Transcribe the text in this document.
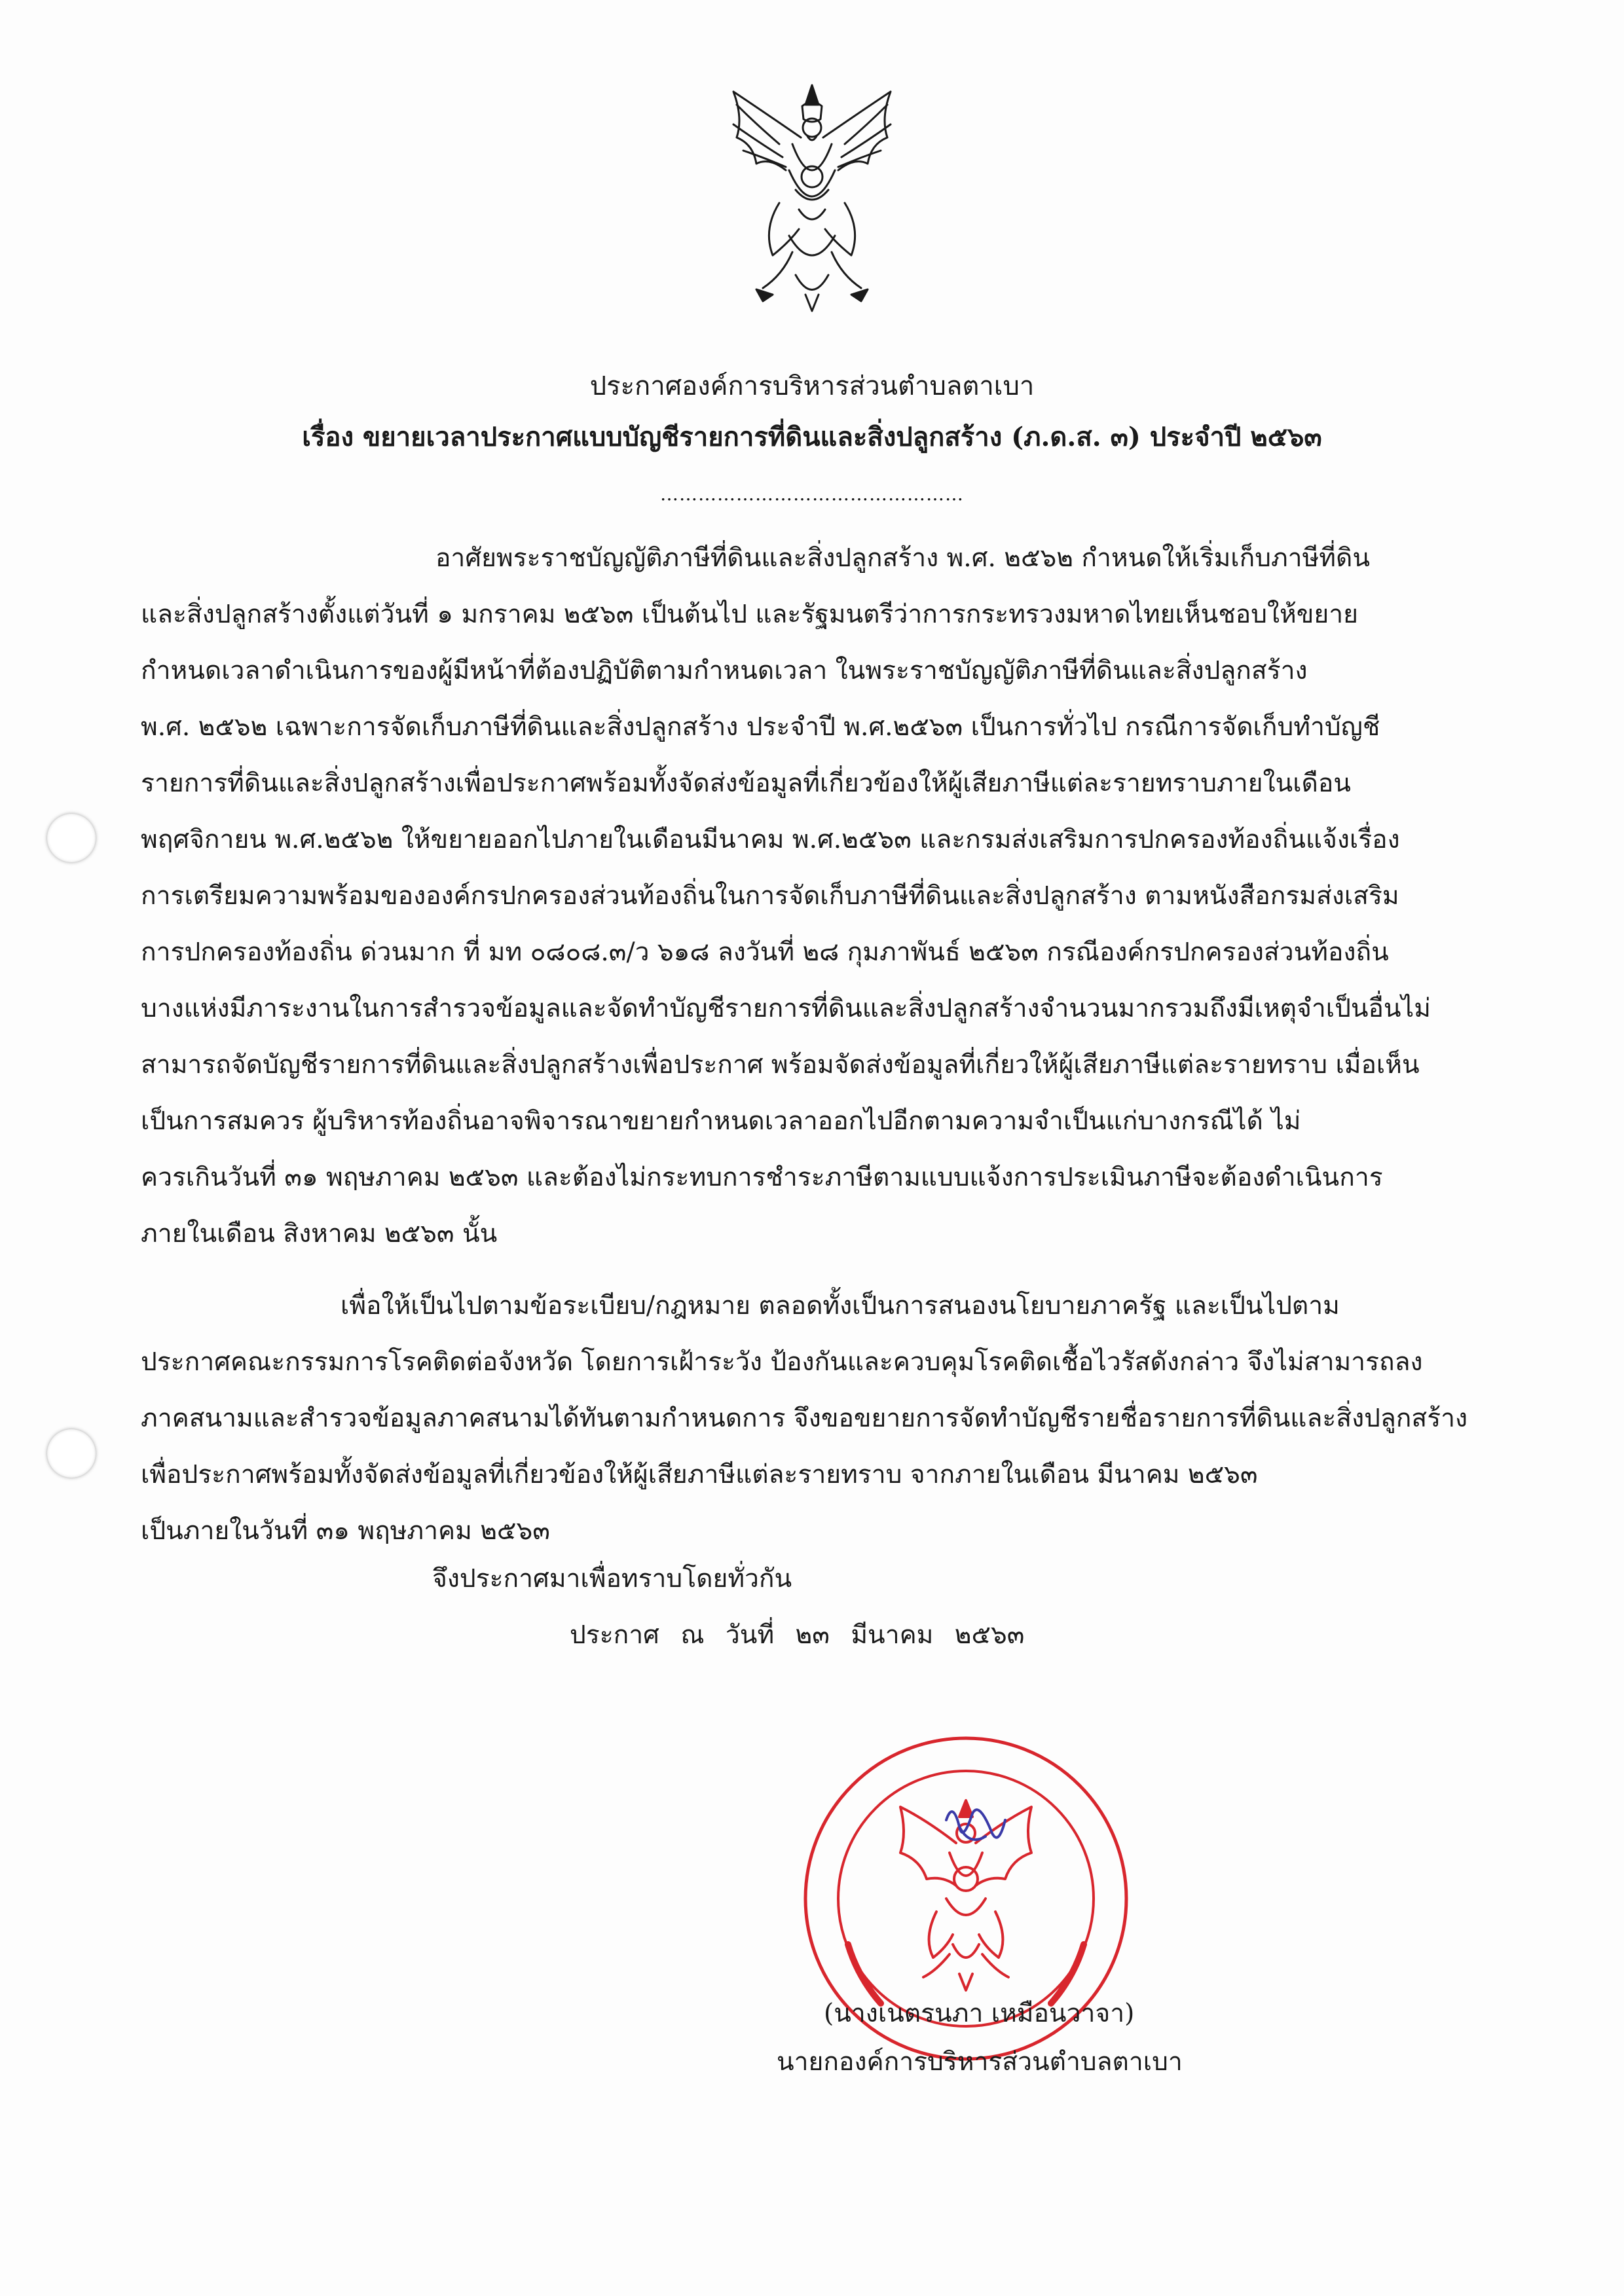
ประกาศองค์การบริหารส่วนตำบลตาเบา
เรื่อง ขยายเวลาประกาศแบบบัญชีรายการที่ดินและสิ่งปลูกสร้าง (ภ.ด.ส. ๓) ประจำปี ๒๕๖๓
…………………………………………
อาศัยพระราชบัญญัติภาษีที่ดินและสิ่งปลูกสร้าง พ.ศ. ๒๕๖๒ กำหนดให้เริ่มเก็บภาษีที่ดิน
และสิ่งปลูกสร้างตั้งแต่วันที่ ๑ มกราคม ๒๕๖๓ เป็นต้นไป และรัฐมนตรีว่าการกระทรวงมหาดไทยเห็นชอบให้ขยาย
กำหนดเวลาดำเนินการของผู้มีหน้าที่ต้องปฏิบัติตามกำหนดเวลา ในพระราชบัญญัติภาษีที่ดินและสิ่งปลูกสร้าง
พ.ศ. ๒๕๖๒ เฉพาะการจัดเก็บภาษีที่ดินและสิ่งปลูกสร้าง ประจำปี พ.ศ.๒๕๖๓ เป็นการทั่วไป กรณีการจัดเก็บทำบัญชี
รายการที่ดินและสิ่งปลูกสร้างเพื่อประกาศพร้อมทั้งจัดส่งข้อมูลที่เกี่ยวข้องให้ผู้เสียภาษีแต่ละรายทราบภายในเดือน
พฤศจิกายน พ.ศ.๒๕๖๒ ให้ขยายออกไปภายในเดือนมีนาคม พ.ศ.๒๕๖๓ และกรมส่งเสริมการปกครองท้องถิ่นแจ้งเรื่อง
การเตรียมความพร้อมขององค์กรปกครองส่วนท้องถิ่นในการจัดเก็บภาษีที่ดินและสิ่งปลูกสร้าง ตามหนังสือกรมส่งเสริม
การปกครองท้องถิ่น ด่วนมาก ที่ มท ๐๘๐๘.๓/ว ๖๑๘ ลงวันที่ ๒๘ กุมภาพันธ์ ๒๕๖๓ กรณีองค์กรปกครองส่วนท้องถิ่น
บางแห่งมีภาระงานในการสำรวจข้อมูลและจัดทำบัญชีรายการที่ดินและสิ่งปลูกสร้างจำนวนมากรวมถึงมีเหตุจำเป็นอื่นไม่
สามารถจัดบัญชีรายการที่ดินและสิ่งปลูกสร้างเพื่อประกาศ พร้อมจัดส่งข้อมูลที่เกี่ยวให้ผู้เสียภาษีแต่ละรายทราบ เมื่อเห็น
เป็นการสมควร ผู้บริหารท้องถิ่นอาจพิจารณาขยายกำหนดเวลาออกไปอีกตามความจำเป็นแก่บางกรณีได้ ไม่
ควรเกินวันที่ ๓๑ พฤษภาคม ๒๕๖๓ และต้องไม่กระทบการชำระภาษีตามแบบแจ้งการประเมินภาษีจะต้องดำเนินการ
ภายในเดือน สิงหาคม ๒๕๖๓ นั้น
เพื่อให้เป็นไปตามข้อระเบียบ/กฎหมาย ตลอดทั้งเป็นการสนองนโยบายภาครัฐ และเป็นไปตาม
ประกาศคณะกรรมการโรคติดต่อจังหวัด โดยการเฝ้าระวัง ป้องกันและควบคุมโรคติดเชื้อไวรัสดังกล่าว จึงไม่สามารถลง
ภาคสนามและสำรวจข้อมูลภาคสนามได้ทันตามกำหนดการ จึงขอขยายการจัดทำบัญชีรายชื่อรายการที่ดินและสิ่งปลูกสร้าง
เพื่อประกาศพร้อมทั้งจัดส่งข้อมูลที่เกี่ยวข้องให้ผู้เสียภาษีแต่ละรายทราบ จากภายในเดือน มีนาคม ๒๕๖๓
เป็นภายในวันที่ ๓๑ พฤษภาคม ๒๕๖๓
จึงประกาศมาเพื่อทราบโดยทั่วกัน
ประกาศ ณ วันที่ ๒๓ มีนาคม ๒๕๖๓
(นางเนตรนภา เหมือนวาจา)
นายกองค์การบริหารส่วนตำบลตาเบา
